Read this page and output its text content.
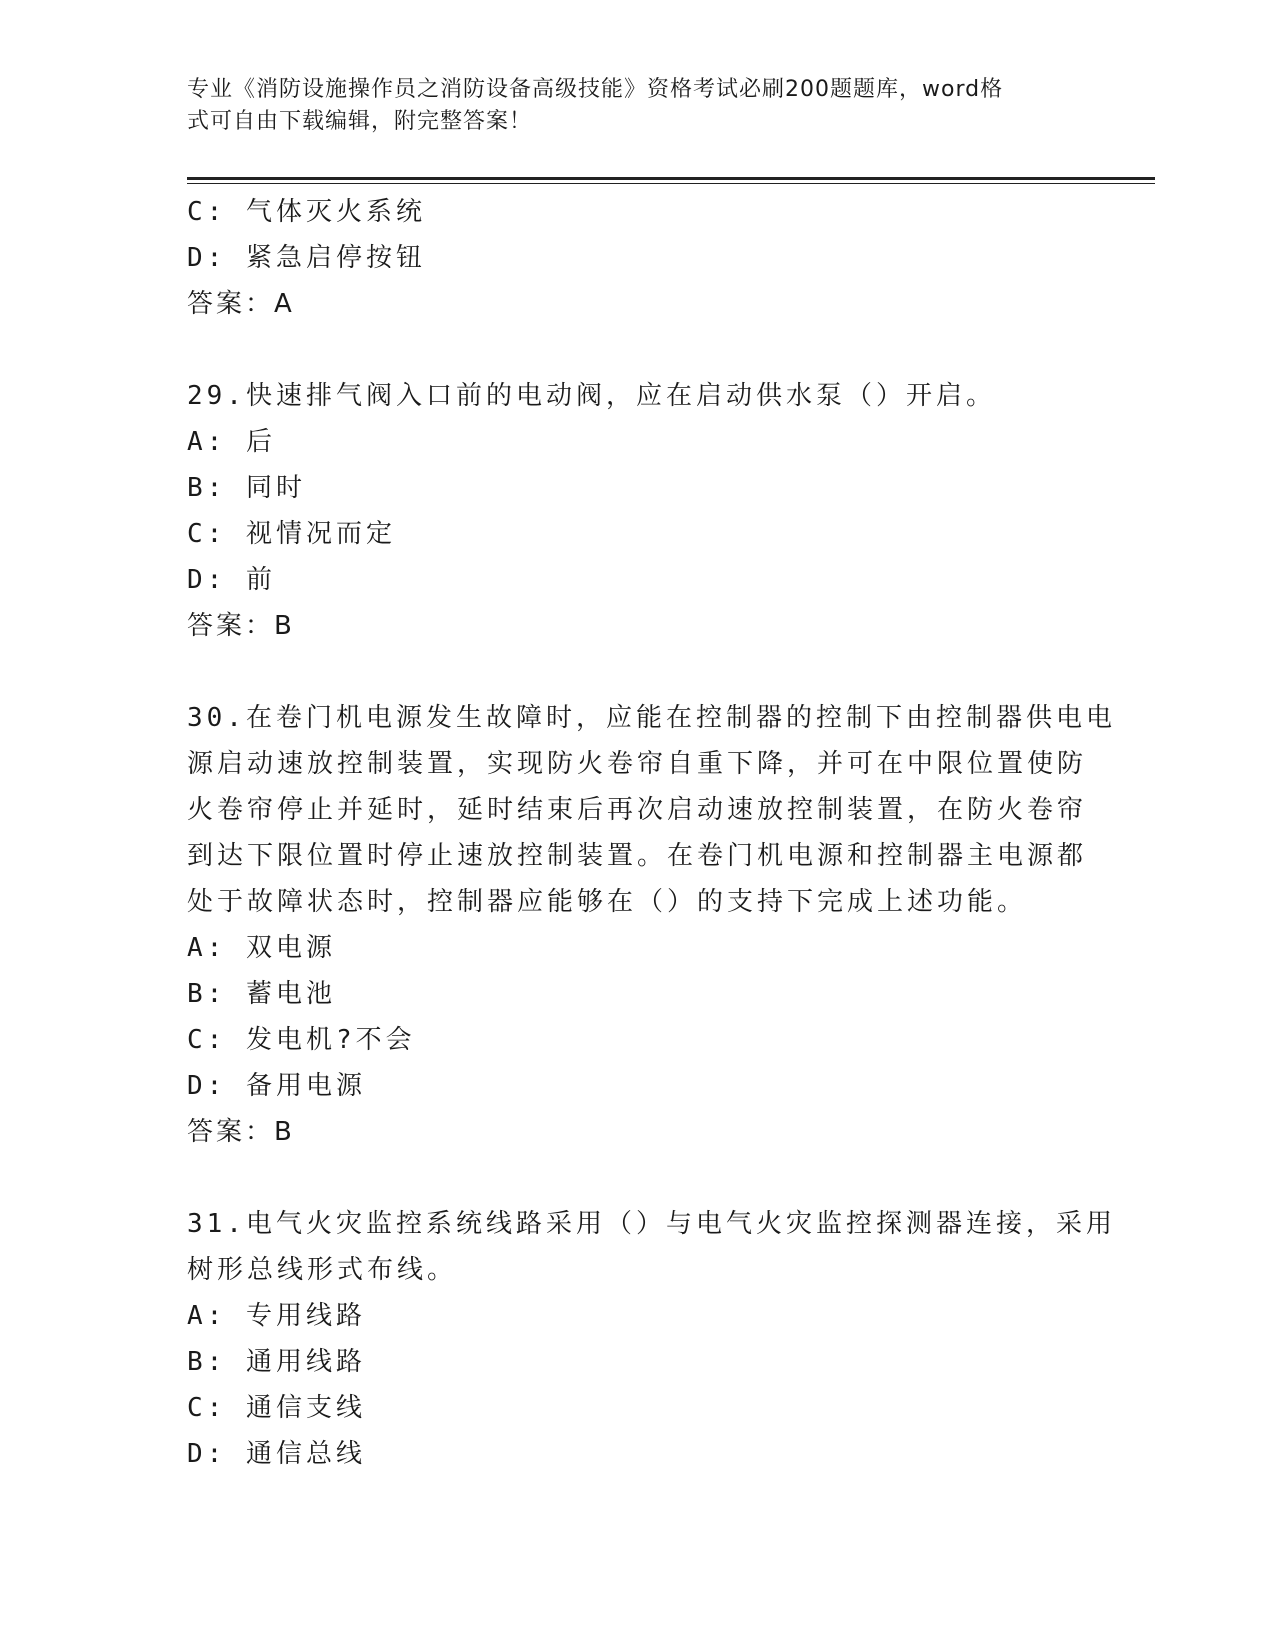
专业《消防设施操作员之消防设备高级技能》资格考试必刷200题题库，word格
式可自由下载编辑，附完整答案！
C: 气体灭火系统
D: 紧急启停按钮
答案：A
29.快速排气阀入口前的电动阀，应在启动供水泵（）开启。
A: 后
B: 同时
C: 视情况而定
D: 前
答案：B
30.在卷门机电源发生故障时，应能在控制器的控制下由控制器供电电
源启动速放控制装置，实现防火卷帘自重下降，并可在中限位置使防
火卷帘停止并延时，延时结束后再次启动速放控制装置，在防火卷帘
到达下限位置时停止速放控制装置。在卷门机电源和控制器主电源都
处于故障状态时，控制器应能够在（）的支持下完成上述功能。
A: 双电源
B: 蓄电池
C: 发电机?不会
D: 备用电源
答案：B
31.电气火灾监控系统线路采用（）与电气火灾监控探测器连接，采用
树形总线形式布线。
A: 专用线路
B: 通用线路
C: 通信支线
D: 通信总线
